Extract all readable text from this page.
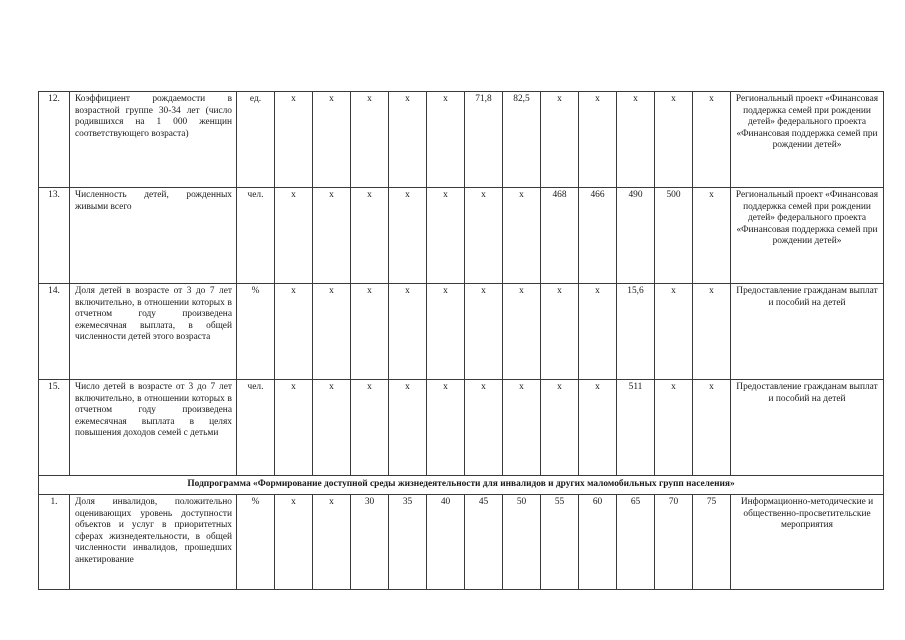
12.	Коэффициент рождаемости в возрастной группе 30-34 лет (число родившихся на 1 000 женщин соответствующего возраста)	ед.	х	х	х	х	х	71,8	82,5	х	х	х	х	х	Региональный проект «Финансовая поддержка семей при рождении детей» федерального проекта «Финансовая поддержка семей при рождении детей»
13.	Численность детей, рожденных живыми всего	чел.	х	х	х	х	х	х	х	468	466	490	500	х	Региональный проект «Финансовая поддержка семей при рождении детей» федерального проекта «Финансовая поддержка семей при рождении детей»
14.	Доля детей в возрасте от 3 до 7 лет включительно, в отношении которых в отчетном году произведена ежемесячная выплата, в общей численности детей этого возраста	%	х	х	х	х	х	х	х	х	х	15,6	х	х	Предоставление гражданам выплат и пособий на детей
15.	Число детей в возрасте от 3 до 7 лет включительно, в отношении которых в отчетном году произведена ежемесячная выплата в целях повышения доходов семей с детьми	чел.	х	х	х	х	х	х	х	х	х	511	х	х	Предоставление гражданам выплат и пособий на детей
Подпрограмма «Формирование доступной среды жизнедеятельности для инвалидов и других маломобильных групп населения»															
1.	Доля инвалидов, положительно оценивающих уровень доступности объектов и услуг в приоритетных сферах жизнедеятельности, в общей численности инвалидов, прошедших анкетирование	%	х	х	30	35	40	45	50	55	60	65	70	75	Информационно-методические и общественно-просветительские мероприятия
